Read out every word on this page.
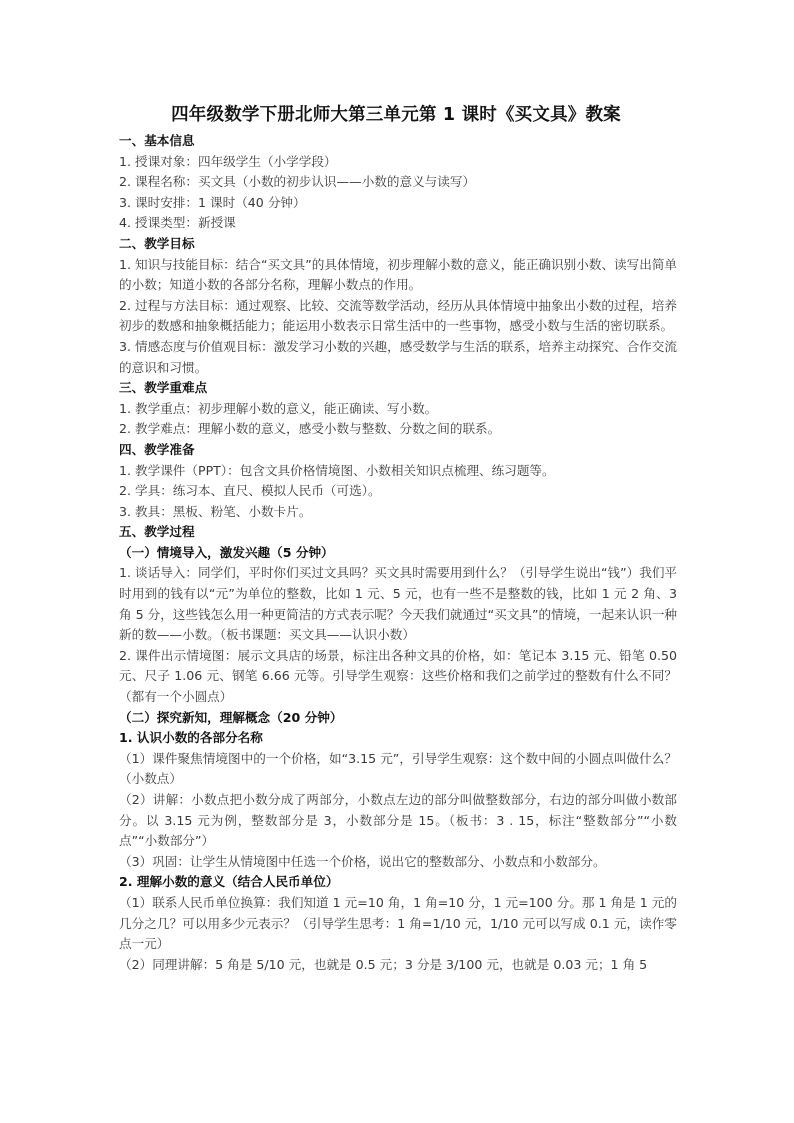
四年级数学下册北师大第三单元第 1 课时《买文具》教案

一、基本信息

1. 授课对象：四年级学生（小学学段）

2. 课程名称：买文具（小数的初步认识——小数的意义与读写）

3. 课时安排：1 课时（40 分钟）

4. 授课类型：新授课

二、教学目标

1. 知识与技能目标：结合“买文具”的具体情境，初步理解小数的意义，能正确识别小数、读写出简单的小数；知道小数的各部分名称，理解小数点的作用。

2. 过程与方法目标：通过观察、比较、交流等数学活动，经历从具体情境中抽象出小数的过程，培养初步的数感和抽象概括能力；能运用小数表示日常生活中的一些事物，感受小数与生活的密切联系。

3. 情感态度与价值观目标：激发学习小数的兴趣，感受数学与生活的联系，培养主动探究、合作交流的意识和习惯。

三、教学重难点

1. 教学重点：初步理解小数的意义，能正确读、写小数。

2. 教学难点：理解小数的意义，感受小数与整数、分数之间的联系。

四、教学准备

1. 教学课件（PPT）：包含文具价格情境图、小数相关知识点梳理、练习题等。

2. 学具：练习本、直尺、模拟人民币（可选）。

3. 教具：黑板、粉笔、小数卡片。

五、教学过程

（一）情境导入，激发兴趣（5 分钟）

1. 谈话导入：同学们，平时你们买过文具吗？买文具时需要用到什么？（引导学生说出“钱”）我们平时用到的钱有以“元”为单位的整数，比如 1 元、5 元，也有一些不是整数的钱，比如 1 元 2 角、3 角 5 分，这些钱怎么用一种更简洁的方式表示呢？今天我们就通过“买文具”的情境，一起来认识一种新的数——小数。（板书课题：买文具——认识小数）

2. 课件出示情境图：展示文具店的场景，标注出各种文具的价格，如：笔记本 3.15 元、铅笔 0.50 元、尺子 1.06 元、钢笔 6.66 元等。引导学生观察：这些价格和我们之前学过的整数有什么不同？（都有一个小圆点）

（二）探究新知，理解概念（20 分钟）

1. 认识小数的各部分名称

（1）课件聚焦情境图中的一个价格，如“3.15 元”，引导学生观察：这个数中间的小圆点叫做什么？（小数点）

（2）讲解：小数点把小数分成了两部分，小数点左边的部分叫做整数部分，右边的部分叫做小数部分。以 3.15 元为例，整数部分是 3，小数部分是 15。（板书：3 . 15，标注“整数部分”“小数点”“小数部分”）

（3）巩固：让学生从情境图中任选一个价格，说出它的整数部分、小数点和小数部分。

2. 理解小数的意义（结合人民币单位）

（1）联系人民币单位换算：我们知道 1 元=10 角，1 角=10 分，1 元=100 分。那 1 角是 1 元的几分之几？可以用多少元表示？（引导学生思考：1 角=1/10 元，1/10 元可以写成 0.1 元，读作零点一元）

（2）同理讲解：5 角是 5/10 元，也就是 0.5 元；3 分是 3/100 元，也就是 0.03 元；1 角 5
